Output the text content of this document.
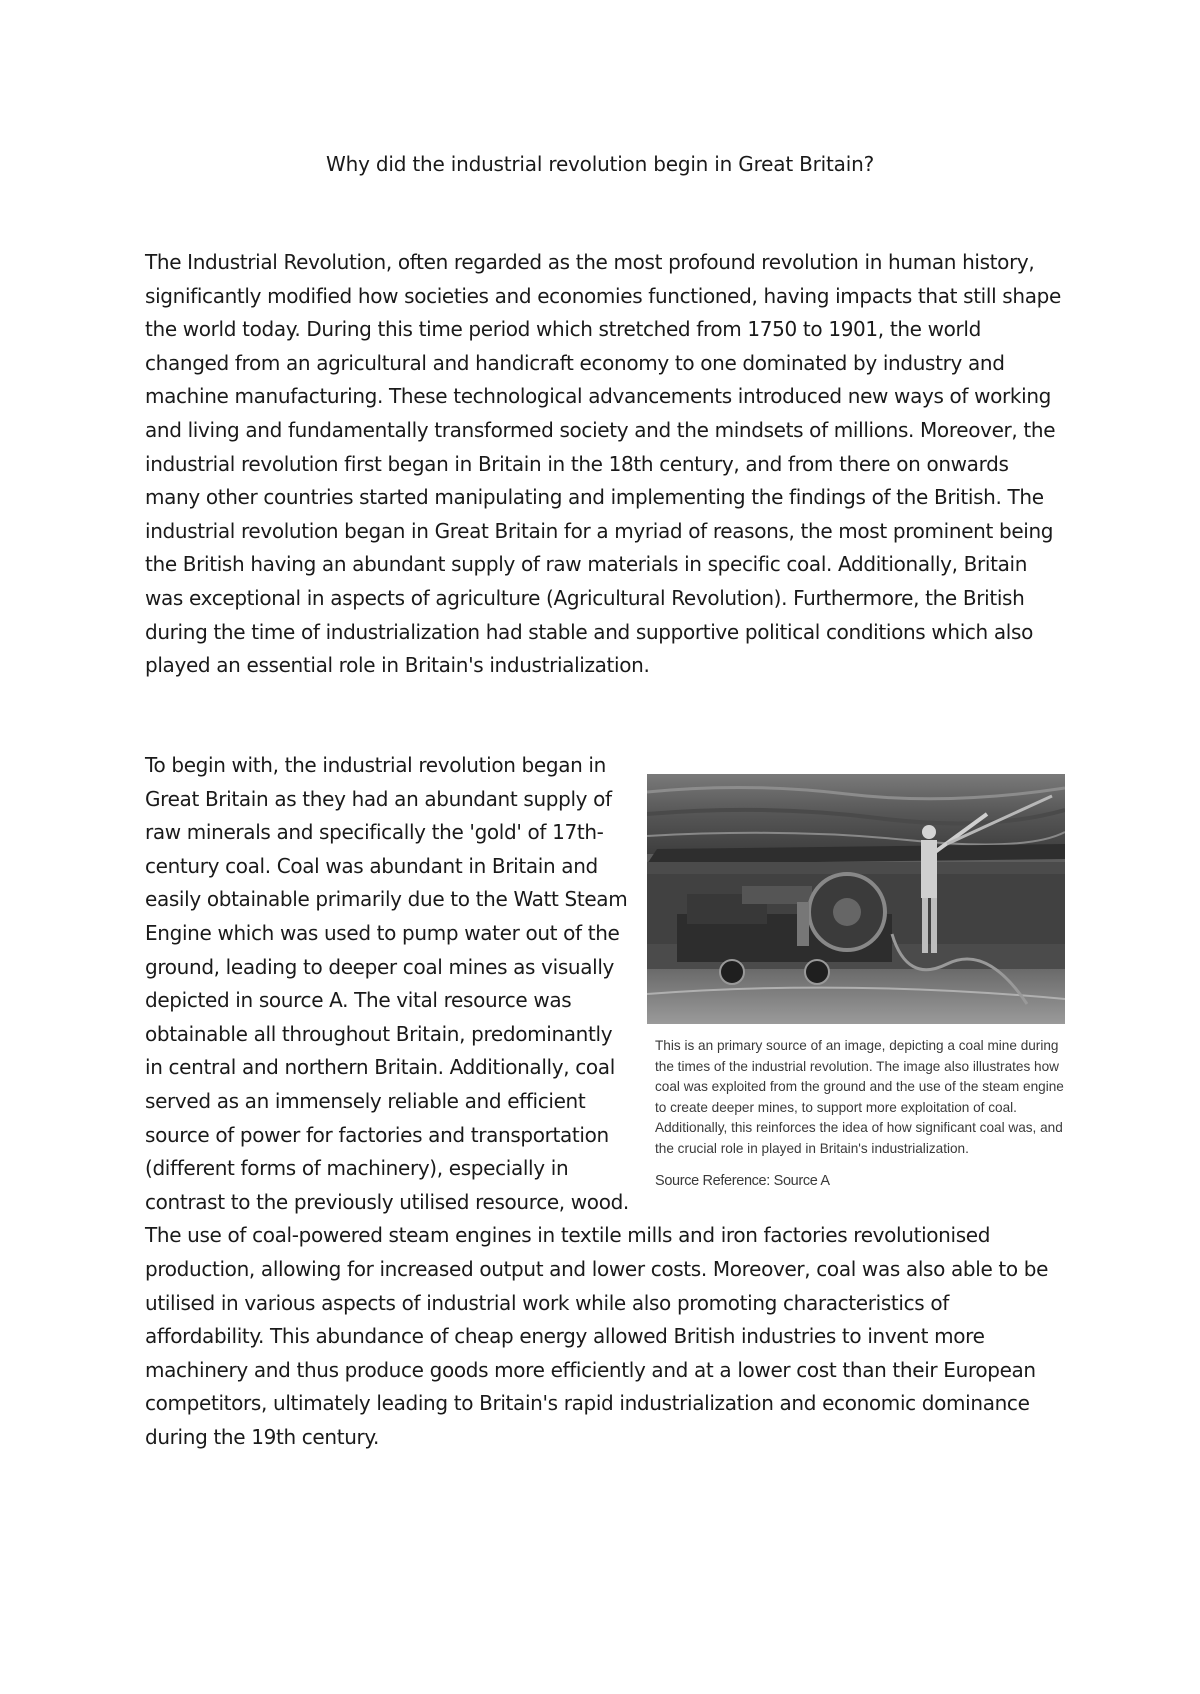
Why did the industrial revolution begin in Great Britain?
The Industrial Revolution, often regarded as the most profound revolution in human history, significantly modified how societies and economies functioned, having impacts that still shape the world today. During this time period which stretched from 1750 to 1901, the world changed from an agricultural and handicraft economy to one dominated by industry and machine manufacturing. These technological advancements introduced new ways of working and living and fundamentally transformed society and the mindsets of millions. Moreover, the industrial revolution first began in Britain in the 18th century, and from there on onwards many other countries started manipulating and implementing the findings of the British. The industrial revolution began in Great Britain for a myriad of reasons, the most prominent being the British having an abundant supply of raw materials in specific coal. Additionally, Britain was exceptional in aspects of agriculture (Agricultural Revolution). Furthermore, the British during the time of industrialization had stable and supportive political conditions which also played an essential role in Britain's industrialization.
This is an primary source of an image, depicting a coal mine during the times of the industrial revolution. The image also illustrates how coal was exploited from the ground and the use of the steam engine to create deeper mines, to support more exploitation of coal. Additionally, this reinforces the idea of how significant coal was, and the crucial role in played in Britain's industrialization.
Source Reference: Source A
To begin with, the industrial revolution began in Great Britain as they had an abundant supply of raw minerals and specifically the 'gold' of 17th-century coal. Coal was abundant in Britain and easily obtainable primarily due to the Watt Steam Engine which was used to pump water out of the ground, leading to deeper coal mines as visually depicted in source A. The vital resource was obtainable all throughout Britain, predominantly in central and northern Britain. Additionally, coal served as an immensely reliable and efficient source of power for factories and transportation (different forms of machinery), especially in contrast to the previously utilised resource, wood. The use of coal-powered steam engines in textile mills and iron factories revolutionised production, allowing for increased output and lower costs. Moreover, coal was also able to be utilised in various aspects of industrial work while also promoting characteristics of affordability. This abundance of cheap energy allowed British industries to invent more machinery and thus produce goods more efficiently and at a lower cost than their European competitors, ultimately leading to Britain's rapid industrialization and economic dominance during the 19th century.
